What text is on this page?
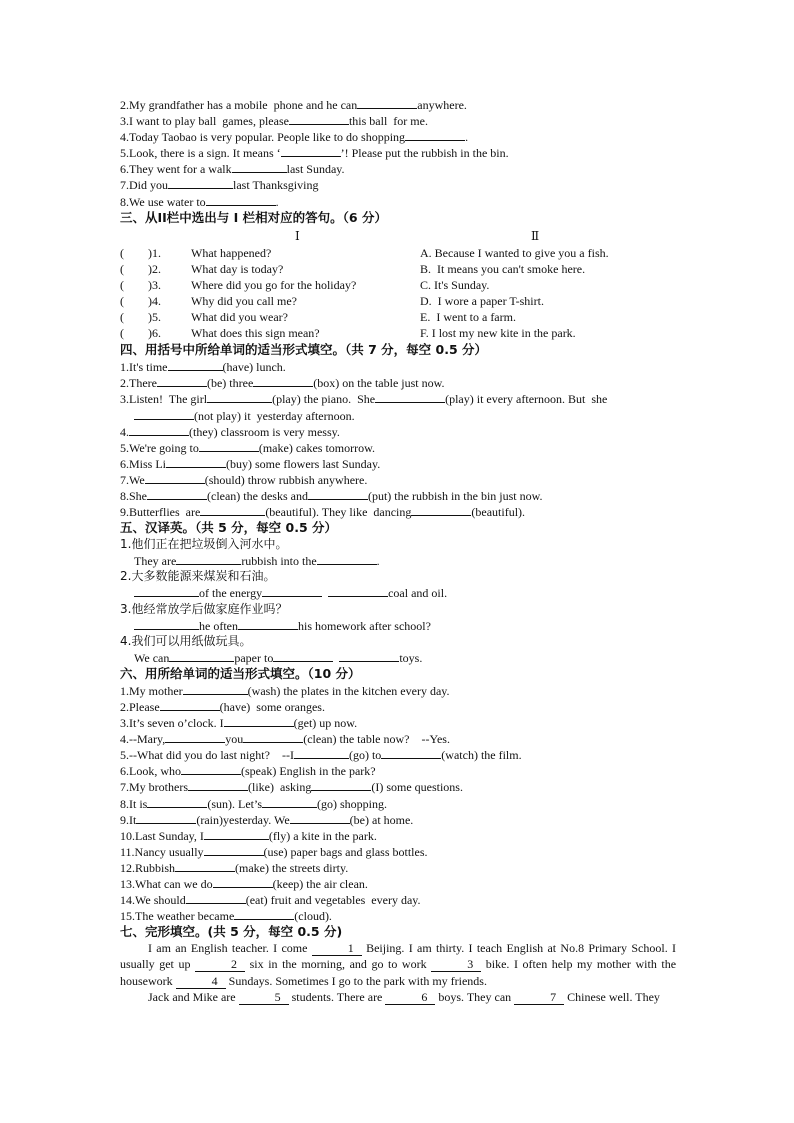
2.My grandfather has a mobile  phone and he can	anywhere.
3.I want to play ball  games, please	this ball  for me.
4.Today Taobao is very popular. People like to do shopping	.
5.Look, there is a sign. It means ‘	’! Please put the rubbish in the bin.
6.They went for a walk	last Sunday.
7.Did you	last Thanksgiving
8.We use water to	.
三、从II栏中选出与 I 栏相对应的答句。（6 分）
Ⅰ	Ⅱ
(        )1.	What happened?	A. Because I wanted to give you a fish.
(        )2.	What day is today?	B.  It means you can't smoke here.
(        )3.	Where did you go for the holiday?	C. It's Sunday.
(        )4.	Why did you call me?	D.  I wore a paper T-shirt.
(        )5.	What did you wear?	E.  I went to a farm.
(        )6.	What does this sign mean?	F. I lost my new kite in the park.
四、用括号中所给单词的适当形式填空。（共 7 分，每空 0.5 分）
1.It's time	(have) lunch.
2.There	(be) three	(box) on the table just now.
3.Listen!  The girl	(play) the piano.  She	(play) it every afternoon. But  she
(not play) it  yesterday afternoon.
4.	(they) classroom is very messy.
5.We're going to	(make) cakes tomorrow.
6.Miss Li	(buy) some flowers last Sunday.
7.We	(should) throw rubbish anywhere.
8.She	(clean) the desks and	(put) the rubbish in the bin just now.
9.Butterflies  are	(beautiful). They like  dancing	(beautiful).
五、汉译英。（共 5 分，每空 0.5 分）
1.他们正在把垃圾倒入河水中。
They are	rubbish into the	.
2.大多数能源来煤炭和石油。
of the energy	coal and oil.
3.他经常放学后做家庭作业吗？
he often	his homework after school?
4.我们可以用纸做玩具。
We can	paper to	toys.
六、用所给单词的适当形式填空。（10 分）
1.My mother	(wash) the plates in the kitchen every day.
2.Please	(have)  some oranges.
3.It’s seven o’clock. I	(get) up now.
4.--Mary,	you	(clean) the table now?    --Yes.
5.--What did you do last night?    --I	(go) to	(watch) the film.
6.Look, who	(speak) English in the park?
7.My brothers	(like)  asking	(I) some questions.
8.It is	(sun). Let’s	(go) shopping.
9.It	(rain)yesterday. We	(be) at home.
10.Last Sunday, I	(fly) a kite in the park.
11.Nancy usually	(use) paper bags and glass bottles.
12.Rubbish	(make) the streets dirty.
13.What can we do	(keep) the air clean.
14.We should	(eat) fruit and vegetables  every day.
15.The weather became	(cloud).
七、完形填空。(共 5 分，每空 0.5 分)
I am an English teacher. I come	1 Beijing. I am thirty. I teach English at No.8 Primary School. I usually get up	2 six in the morning, and go to work	3 bike. I often help my mother with the housework	4 Sundays. Sometimes I go to the park with my friends.
Jack and Mike are	5 students. There are	6 boys. They can	7 Chinese well. They
